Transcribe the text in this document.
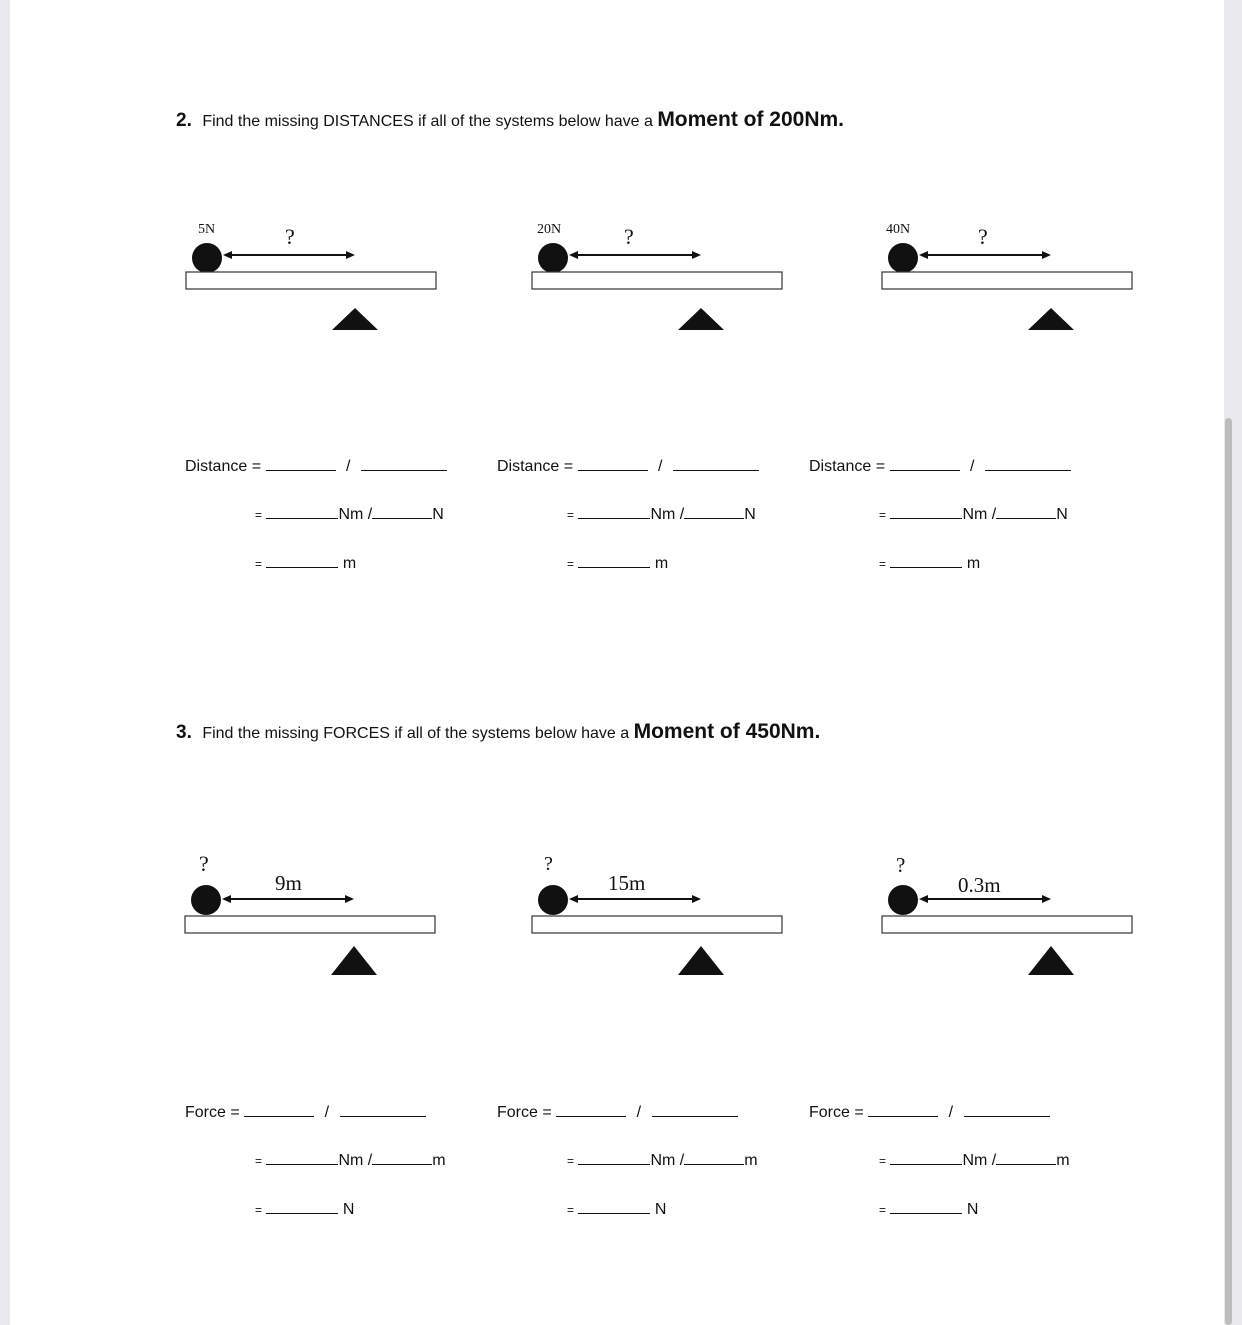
2. Find the missing DISTANCES if all of the systems below have a Moment of 200Nm.
3. Find the missing FORCES if all of the systems below have a Moment of 450Nm.
5N	?	20N	?	40N	?
?
9m
?
15m
?
0.3m
Distance =	/
=	Nm /	N
=	m
Distance =	/
=	Nm /	N
=	m
Distance =	/
=	Nm /	N
=	m
Force =	/
=	Nm /	m
=	N
Force =	/
=	Nm /	m
=	N
Force =	/
=	Nm /	m
=	N
